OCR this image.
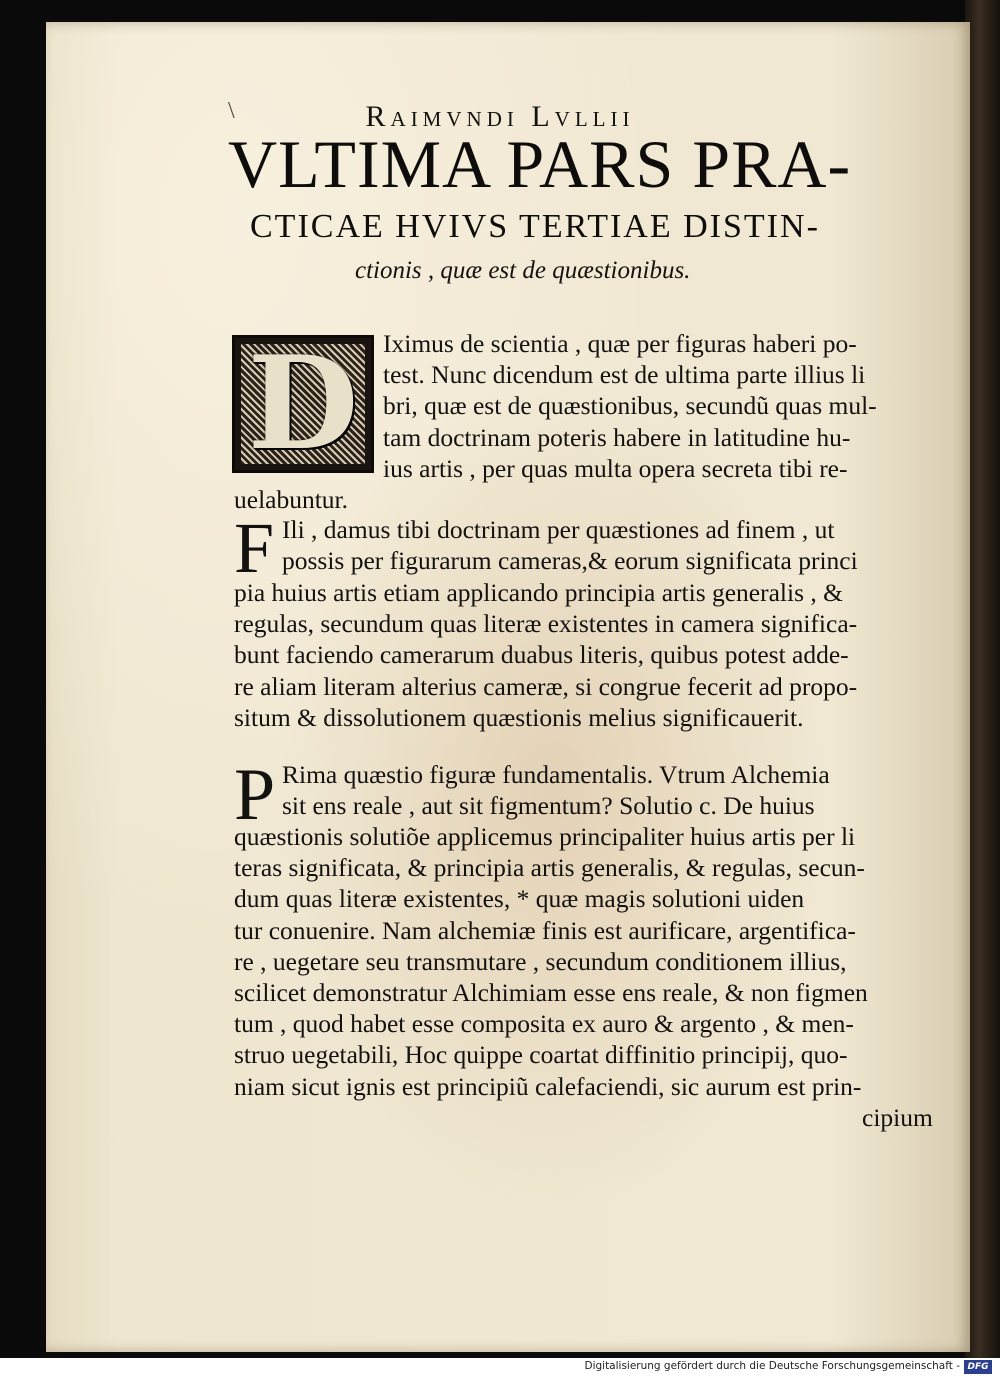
\	Raimvndi Lvllii
VLTIMA PARS PRA-
CTICAE HVIVS TERTIAE DISTIN-
ctionis , quæ est de quæstionibus.
D Iximus de scientia , quæ per figuras haberi po-
test. Nunc dicendum est de ultima parte illius li
bri, quæ est de quæstionibus, secundũ quas mul-
tam doctrinam poteris habere in latitudine hu-
ius artis , per quas multa opera secreta tibi re-
uelabuntur.
F Ili , damus tibi doctrinam per quæstiones ad finem , ut
possis per figurarum cameras,& eorum significata princi
pia huius artis etiam applicando principia artis generalis , &
regulas, secundum quas literæ existentes in camera significa-
bunt faciendo camerarum duabus literis, quibus potest adde-
re aliam literam alterius cameræ, si congrue fecerit ad propo-
situm & dissolutionem quæstionis melius significauerit.
P Rima quæstio figuræ fundamentalis. Vtrum Alchemia
sit ens reale , aut sit figmentum? Solutio c. De huius
quæstionis solutiõe applicemus principaliter huius artis per li
teras significata, & principia artis generalis, & regulas, secun-
dum quas literæ existentes, * quæ magis solutioni uiden
tur conuenire. Nam alchemiæ finis est aurificare, argentifica-
re , uegetare seu transmutare , secundum conditionem illius,
scilicet demonstratur Alchimiam esse ens reale, & non figmen
tum , quod habet esse composita ex auro & argento , & men-
struo uegetabili, Hoc quippe coartat diffinitio principij, quo-
niam sicut ignis est principiũ calefaciendi, sic aurum est prin-
cipium
Digitalisierung gefördert durch die Deutsche Forschungsgemeinschaft - DFG
